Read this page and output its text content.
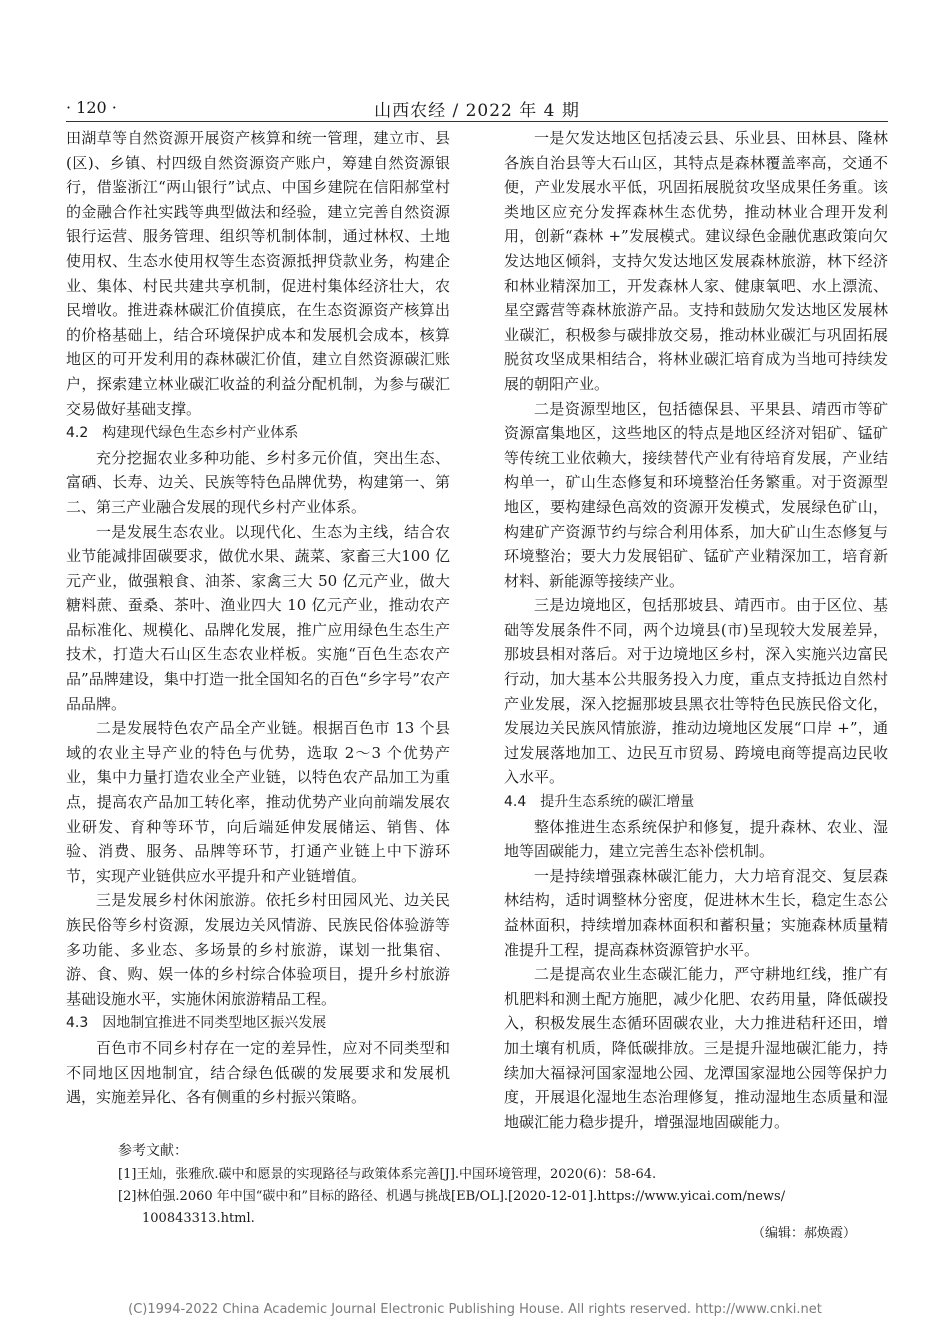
· 120 ·	山西农经 / 2022 年 4 期

田湖草等自然资源开展资产核算和统一管理，建立市、县(区)、乡镇、村四级自然资源资产账户，筹建自然资源银行，借鉴浙江“两山银行”试点、中国乡建院在信阳郝堂村的金融合作社实践等典型做法和经验，建立完善自然资源银行运营、服务管理、组织等机制体制，通过林权、土地使用权、生态水使用权等生态资源抵押贷款业务，构建企业、集体、村民共建共享机制，促进村集体经济壮大，农民增收。推进森林碳汇价值摸底，在生态资源资产核算出的价格基础上，结合环境保护成本和发展机会成本，核算地区的可开发利用的森林碳汇价值，建立自然资源碳汇账户，探索建立林业碳汇收益的利益分配机制，为参与碳汇交易做好基础支撑。

4.2　构建现代绿色生态乡村产业体系

充分挖掘农业多种功能、乡村多元价值，突出生态、富硒、长寿、边关、民族等特色品牌优势，构建第一、第二、第三产业融合发展的现代乡村产业体系。

一是发展生态农业。以现代化、生态为主线，结合农业节能减排固碳要求，做优水果、蔬菜、家畜三大100 亿元产业，做强粮食、油茶、家禽三大 50 亿元产业，做大糖料蔗、蚕桑、茶叶、渔业四大 10 亿元产业，推动农产品标准化、规模化、品牌化发展，推广应用绿色生态生产技术，打造大石山区生态农业样板。实施“百色生态农产品”品牌建设，集中打造一批全国知名的百色“乡字号”农产品品牌。

二是发展特色农产品全产业链。根据百色市 13 个县域的农业主导产业的特色与优势，选取 2～3 个优势产业，集中力量打造农业全产业链，以特色农产品加工为重点，提高农产品加工转化率，推动优势产业向前端发展农业研发、育种等环节，向后端延伸发展储运、销售、体验、消费、服务、品牌等环节，打通产业链上中下游环节，实现产业链供应水平提升和产业链增值。

三是发展乡村休闲旅游。依托乡村田园风光、边关民族民俗等乡村资源，发展边关风情游、民族民俗体验游等多功能、多业态、多场景的乡村旅游，谋划一批集宿、游、食、购、娱一体的乡村综合体验项目，提升乡村旅游基础设施水平，实施休闲旅游精品工程。

4.3　因地制宜推进不同类型地区振兴发展

百色市不同乡村存在一定的差异性，应对不同类型和不同地区因地制宜，结合绿色低碳的发展要求和发展机遇，实施差异化、各有侧重的乡村振兴策略。

一是欠发达地区包括凌云县、乐业县、田林县、隆林各族自治县等大石山区，其特点是森林覆盖率高，交通不便，产业发展水平低，巩固拓展脱贫攻坚成果任务重。该类地区应充分发挥森林生态优势，推动林业合理开发利用，创新“森林 +”发展模式。建议绿色金融优惠政策向欠发达地区倾斜，支持欠发达地区发展森林旅游，林下经济和林业精深加工，开发森林人家、健康氧吧、水上漂流、星空露营等森林旅游产品。支持和鼓励欠发达地区发展林业碳汇，积极参与碳排放交易，推动林业碳汇与巩固拓展脱贫攻坚成果相结合，将林业碳汇培育成为当地可持续发展的朝阳产业。

二是资源型地区，包括德保县、平果县、靖西市等矿资源富集地区，这些地区的特点是地区经济对铝矿、锰矿等传统工业依赖大，接续替代产业有待培育发展，产业结构单一，矿山生态修复和环境整治任务繁重。对于资源型地区，要构建绿色高效的资源开发模式，发展绿色矿山，构建矿产资源节约与综合利用体系，加大矿山生态修复与环境整治；要大力发展铝矿、锰矿产业精深加工，培育新材料、新能源等接续产业。

三是边境地区，包括那坡县、靖西市。由于区位、基础等发展条件不同，两个边境县(市)呈现较大发展差异，那坡县相对落后。对于边境地区乡村，深入实施兴边富民行动，加大基本公共服务投入力度，重点支持抵边自然村产业发展，深入挖掘那坡县黑衣壮等特色民族民俗文化，发展边关民族风情旅游，推动边境地区发展“口岸 +”，通过发展落地加工、边民互市贸易、跨境电商等提高边民收入水平。

4.4　提升生态系统的碳汇增量

整体推进生态系统保护和修复，提升森林、农业、湿地等固碳能力，建立完善生态补偿机制。

一是持续增强森林碳汇能力，大力培育混交、复层森林结构，适时调整林分密度，促进林木生长，稳定生态公益林面积，持续增加森林面积和蓄积量；实施森林质量精准提升工程，提高森林资源管护水平。

二是提高农业生态碳汇能力，严守耕地红线，推广有机肥料和测土配方施肥，减少化肥、农药用量，降低碳投入，积极发展生态循环固碳农业，大力推进秸秆还田，增加土壤有机质，降低碳排放。三是提升湿地碳汇能力，持续加大福禄河国家湿地公园、龙潭国家湿地公园等保护力度，开展退化湿地生态治理修复，推动湿地生态质量和湿地碳汇能力稳步提升，增强湿地固碳能力。

参考文献：

[1]王灿，张雅欣.碳中和愿景的实现路径与政策体系完善[J].中国环境管理，2020(6)：58-64.

[2]林伯强.2060 年中国“碳中和”目标的路径、机遇与挑战[EB/OL].[2020-12-01].https://www.yicai.com/news/
100843313.html.

（编辑：郝焕霞）
(C)1994-2022 China Academic Journal Electronic Publishing House. All rights reserved. http://www.cnki.net
